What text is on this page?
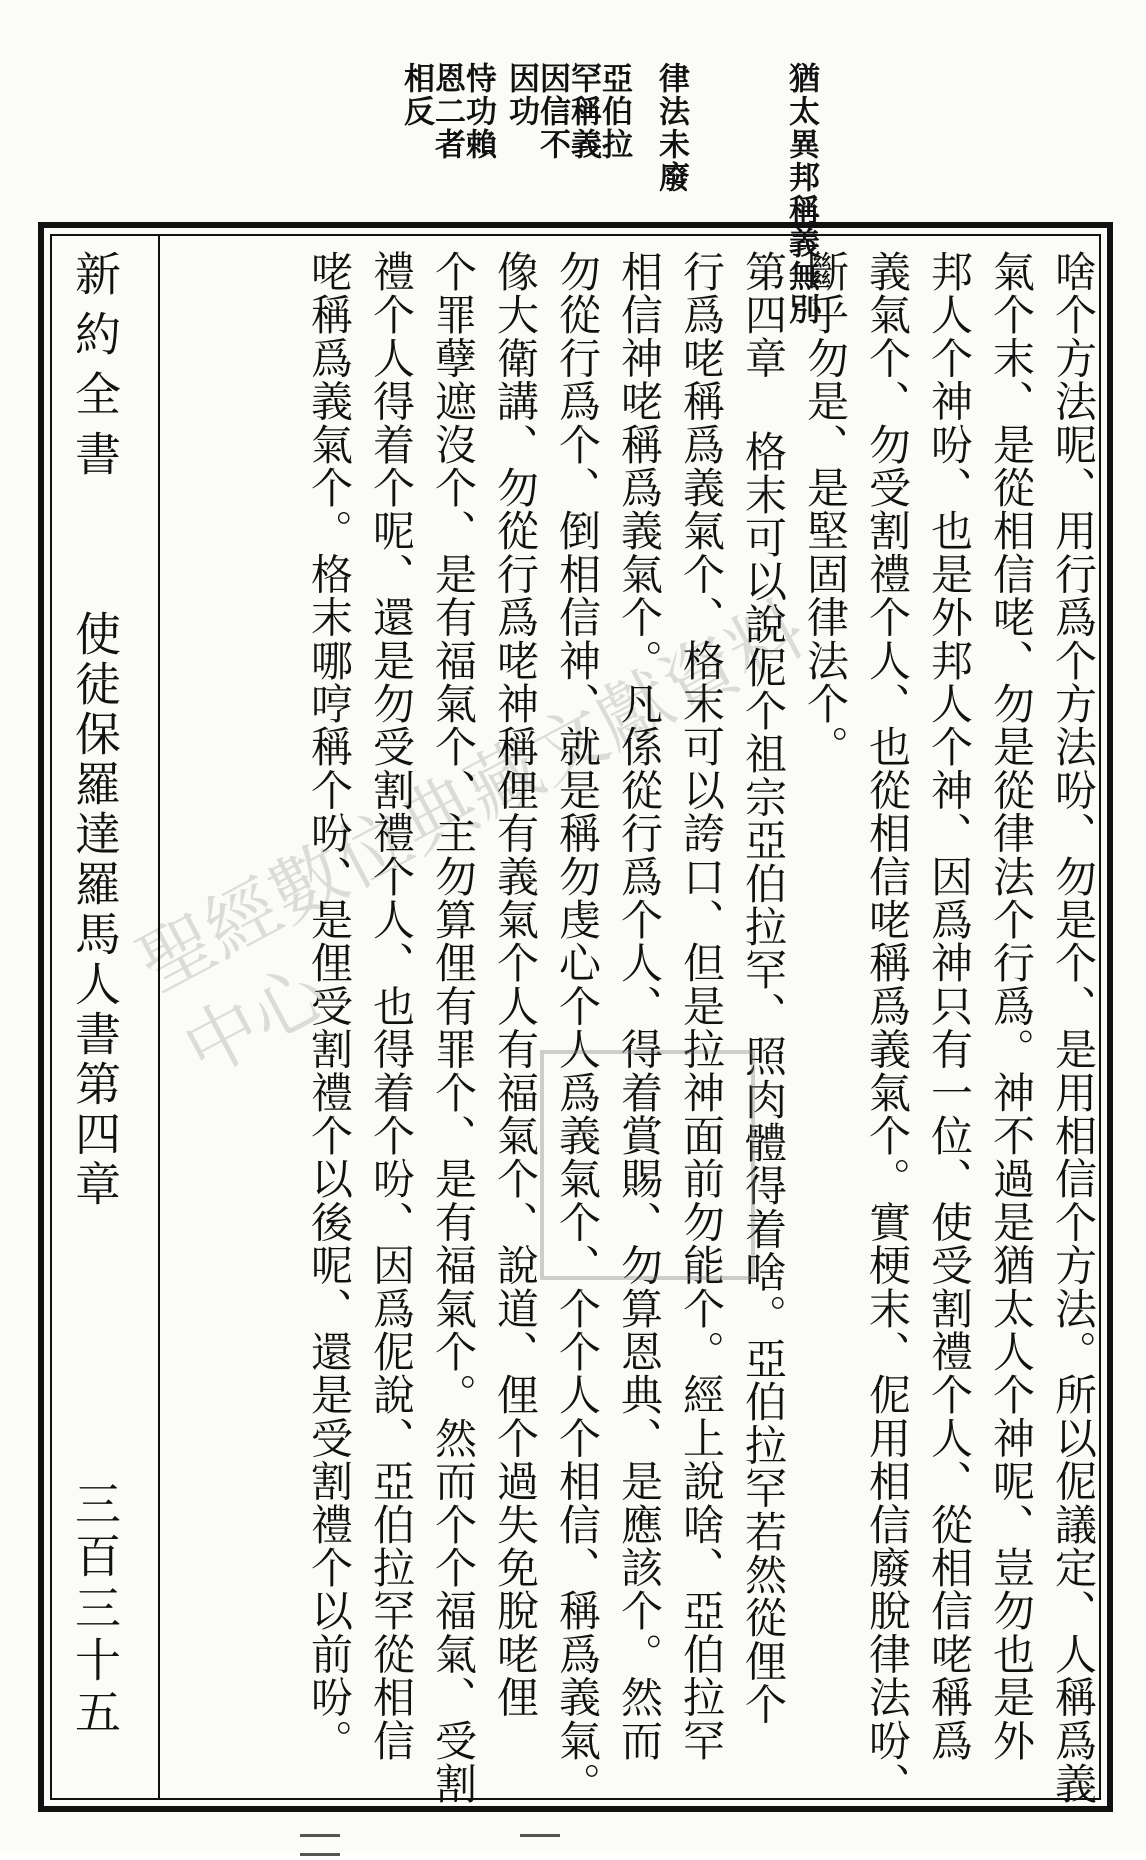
猶太異邦稱義無別
律法未廢
亞伯拉罕稱義因信不因功
恃功賴恩二者相反
啥个方法呢、用行爲个方法吩、勿是个、是用相信个方法。所以伲議定、人稱爲義
氣个末、是從相信咾、勿是從律法个行爲。神不過是猶太人个神呢、豈勿也是外
邦人个神吩、也是外邦人个神、因爲神只有一位、使受割禮个人、從相信咾稱爲
義氣个、勿受割禮个人、也從相信咾稱爲義氣个。實梗末、伲用相信廢脫律法吩、
斷乎勿是、是堅固律法个。
第四章 格末可以說伲个祖宗亞伯拉罕、照肉體得着啥。亞伯拉罕若然從俚个
行爲咾稱爲義氣个、格末可以誇口、但是拉神面前勿能个。經上說啥、亞伯拉罕
相信神咾稱爲義氣个。凡係從行爲个人、得着賞賜、勿算恩典、是應該个。然而
勿從行爲个、倒相信神、就是稱勿虔心个人爲義氣个、个个人个相信、稱爲義氣。
像大衛講、勿從行爲咾神稱俚有義氣个人有福氣个、說道、俚个過失免脫咾俚
个罪孽遮沒个、是有福氣个、主勿算俚有罪个、是有福氣个。然而个个福氣、受割
禮个人得着个呢、還是勿受割禮个人、也得着个吩、因爲伲說、亞伯拉罕從相信
咾稱爲義氣个。格末哪哼稱个吩、是俚受割禮个以後呢、還是受割禮个以前吩。
新約全書
使徒保羅達羅馬人書第四章
三百三十五
聖經數位典藏文獻資料中心
